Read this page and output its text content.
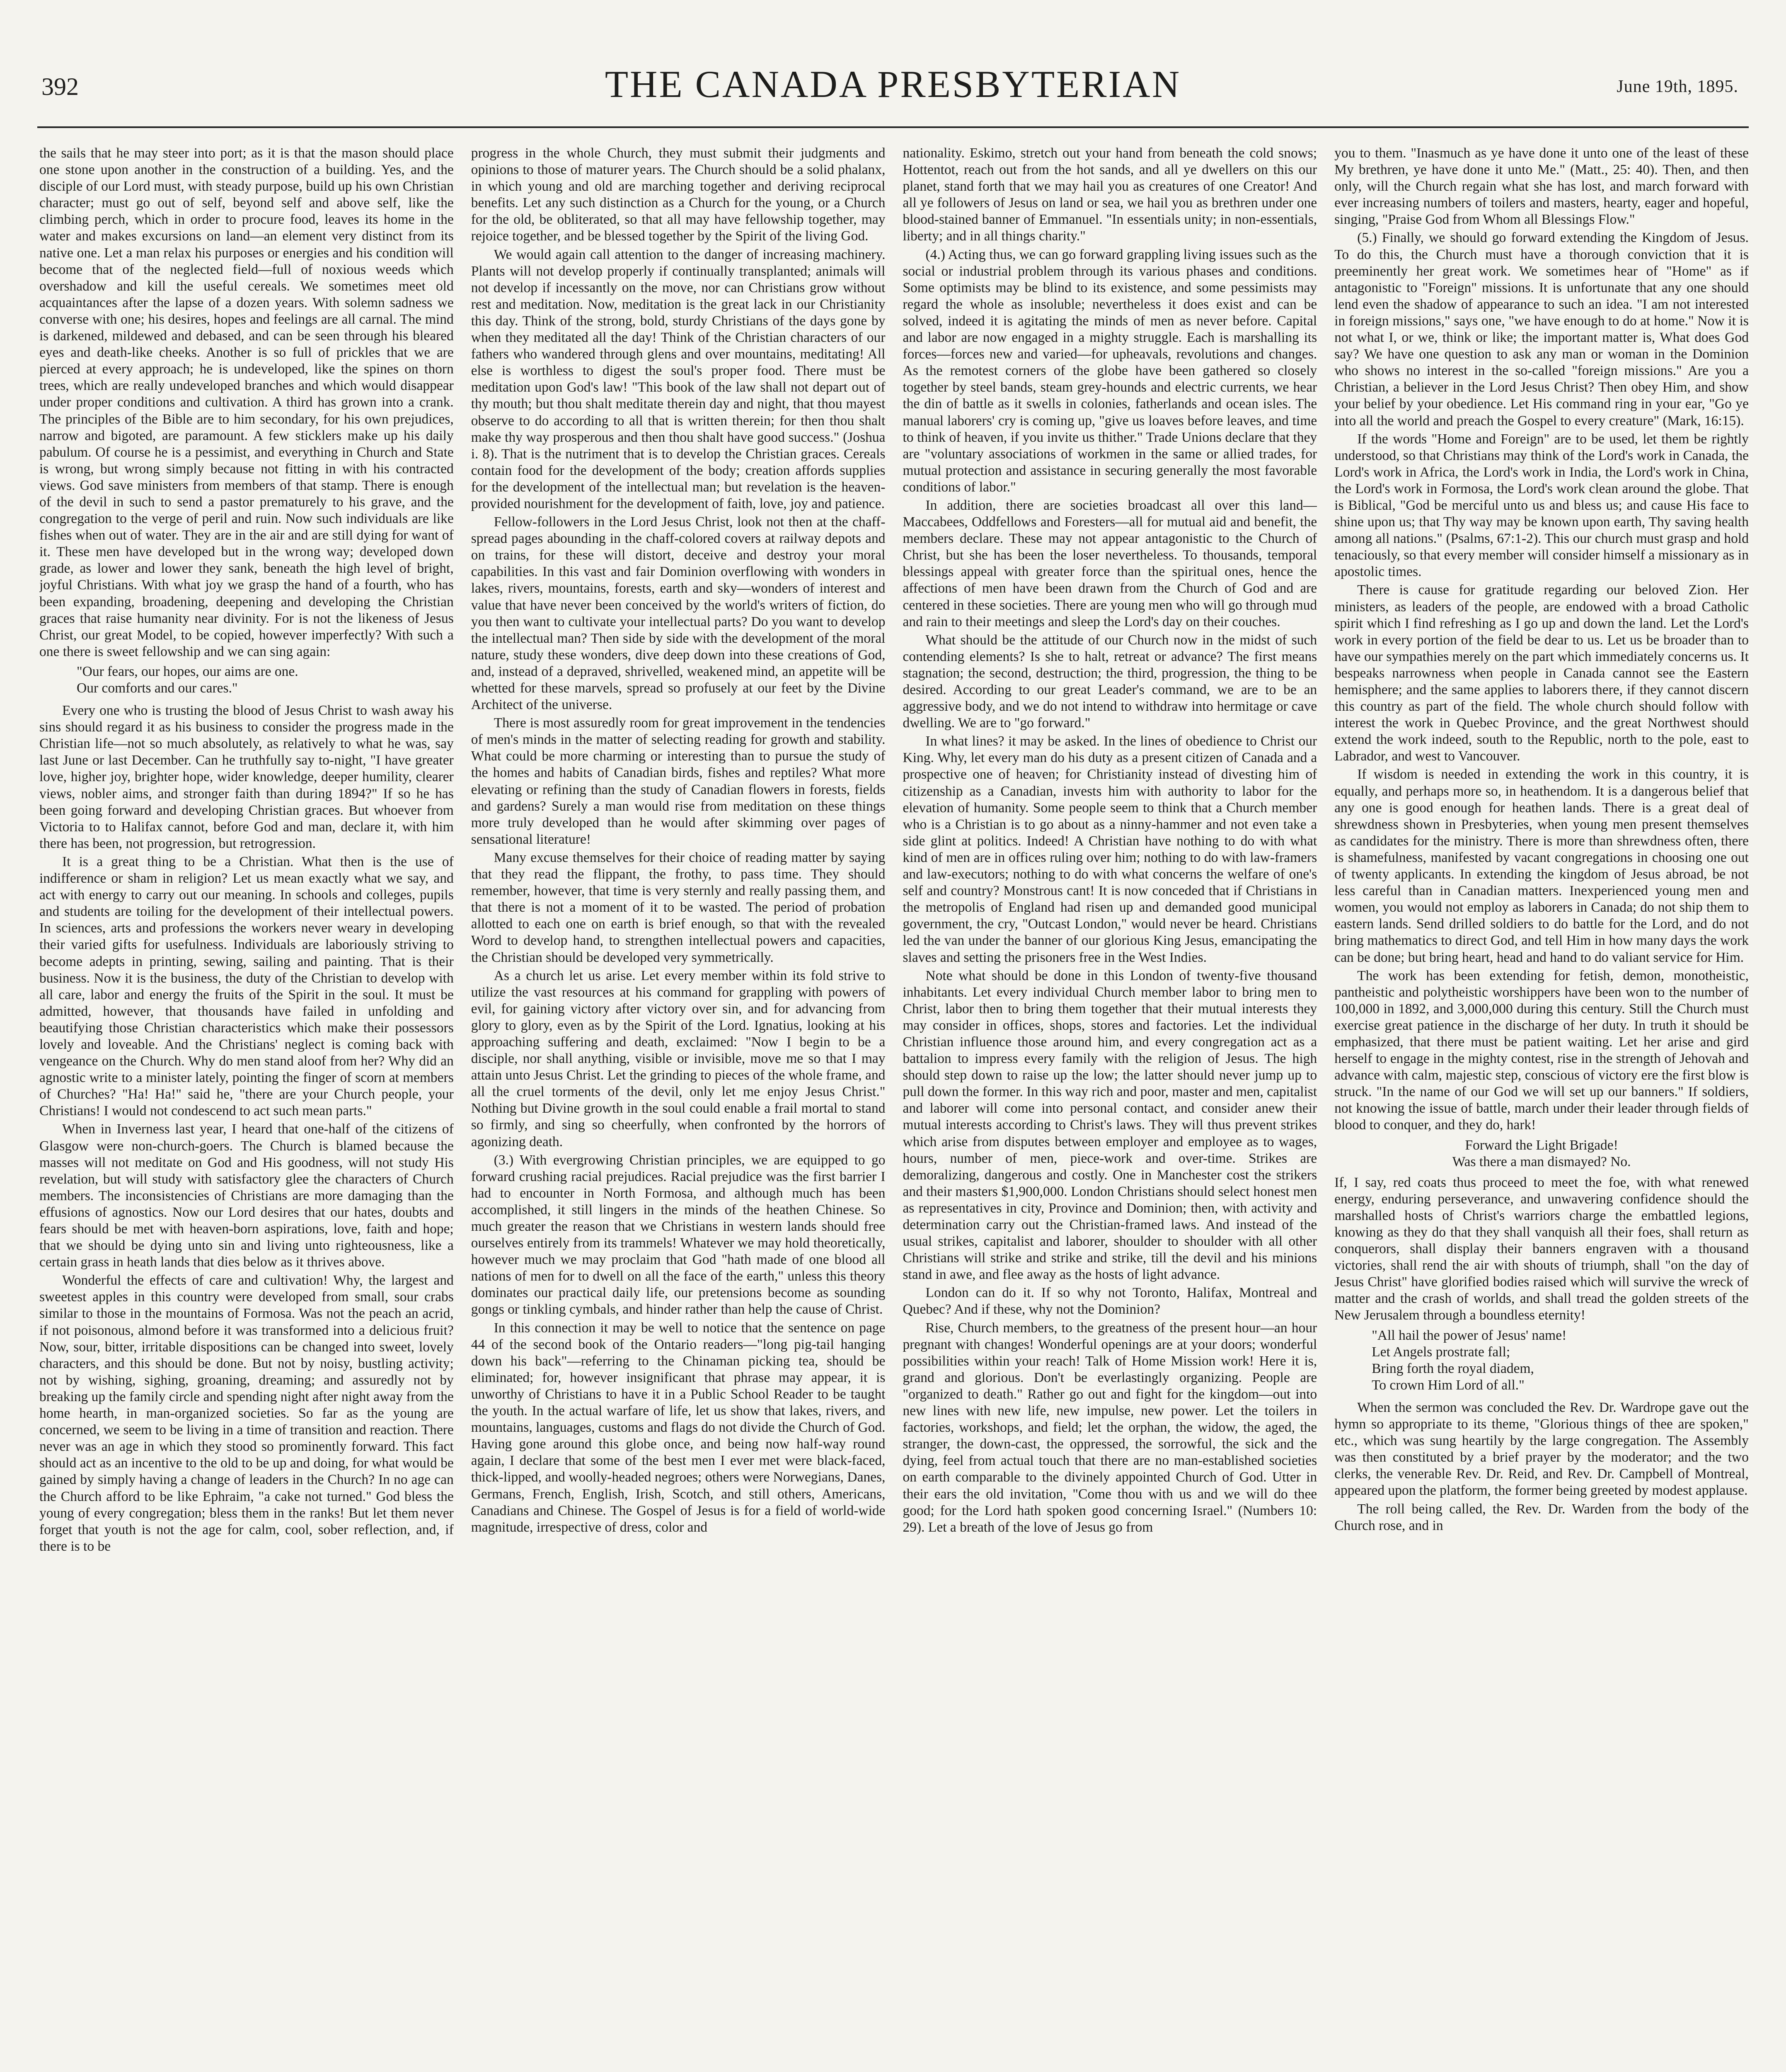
392	THE CANADA PRESBYTERIAN	June 19th, 1895.

the sails that he may steer into port; as it is that the mason should place one stone upon another in the construction of a building. Yes, and the disciple of our Lord must, with steady purpose, build up his own Christian character; must go out of self, beyond self and above self, like the climbing perch, which in order to procure food, leaves its home in the water and makes excursions on land—an element very distinct from its native one. Let a man relax his purposes or energies and his condition will become that of the neglected field—full of noxious weeds which overshadow and kill the useful cereals. We sometimes meet old acquaintances after the lapse of a dozen years. With solemn sadness we converse with one; his desires, hopes and feelings are all carnal. The mind is darkened, mildewed and debased, and can be seen through his bleared eyes and death-like cheeks. Another is so full of prickles that we are pierced at every approach; he is undeveloped, like the spines on thorn trees, which are really undeveloped branches and which would disappear under proper conditions and cultivation. A third has grown into a crank. The principles of the Bible are to him secondary, for his own prejudices, narrow and bigoted, are paramount. A few sticklers make up his daily pabulum. Of course he is a pessimist, and everything in Church and State is wrong, but wrong simply because not fitting in with his contracted views. God save ministers from members of that stamp. There is enough of the devil in such to send a pastor prematurely to his grave, and the congregation to the verge of peril and ruin. Now such individuals are like fishes when out of water. They are in the air and are still dying for want of it. These men have developed but in the wrong way; developed down grade, as lower and lower they sank, beneath the high level of bright, joyful Christians. With what joy we grasp the hand of a fourth, who has been expanding, broadening, deepening and developing the Christian graces that raise humanity near divinity. For is not the likeness of Jesus Christ, our great Model, to be copied, however imperfectly? With such a one there is sweet fellowship and we can sing again:

"Our fears, our hopes, our aims are one.
Our comforts and our cares."

Every one who is trusting the blood of Jesus Christ to wash away his sins should regard it as his business to consider the progress made in the Christian life—not so much absolutely, as relatively to what he was, say last June or last December. Can he truthfully say to-night, "I have greater love, higher joy, brighter hope, wider knowledge, deeper humility, clearer views, nobler aims, and stronger faith than during 1894?" If so he has been going forward and developing Christian graces. But whoever from Victoria to to Halifax cannot, before God and man, declare it, with him there has been, not progression, but retrogression.

It is a great thing to be a Christian. What then is the use of indifference or sham in religion? Let us mean exactly what we say, and act with energy to carry out our meaning. In schools and colleges, pupils and students are toiling for the development of their intellectual powers. In sciences, arts and professions the workers never weary in developing their varied gifts for usefulness. Individuals are laboriously striving to become adepts in printing, sewing, sailing and painting. That is their business. Now it is the business, the duty of the Christian to develop with all care, labor and energy the fruits of the Spirit in the soul. It must be admitted, however, that thousands have failed in unfolding and beautifying those Christian characteristics which make their possessors lovely and loveable. And the Christians' neglect is coming back with vengeance on the Church. Why do men stand aloof from her? Why did an agnostic write to a minister lately, pointing the finger of scorn at members of Churches? "Ha! Ha!" said he, "there are your Church people, your Christians! I would not condescend to act such mean parts."

When in Inverness last year, I heard that one-half of the citizens of Glasgow were non-church-goers. The Church is blamed because the masses will not meditate on God and His goodness, will not study His revelation, but will study with satisfactory glee the characters of Church members. The inconsistencies of Christians are more damaging than the effusions of agnostics. Now our Lord desires that our hates, doubts and fears should be met with heaven-born aspirations, love, faith and hope; that we should be dying unto sin and living unto righteousness, like a certain grass in heath lands that dies below as it thrives above.

Wonderful the effects of care and cultivation! Why, the largest and sweetest apples in this country were developed from small, sour crabs similar to those in the mountains of Formosa. Was not the peach an acrid, if not poisonous, almond before it was transformed into a delicious fruit? Now, sour, bitter, irritable dispositions can be changed into sweet, lovely characters, and this should be done. But not by noisy, bustling activity; not by wishing, sighing, groaning, dreaming; and assuredly not by breaking up the family circle and spending night after night away from the home hearth, in man-organized societies. So far as the young are concerned, we seem to be living in a time of transition and reaction. There never was an age in which they stood so prominently forward. This fact should act as an incentive to the old to be up and doing, for what would be gained by simply having a change of leaders in the Church? In no age can the Church afford to be like Ephraim, "a cake not turned." God bless the young of every congregation; bless them in the ranks! But let them never forget that youth is not the age for calm, cool, sober reflection, and, if there is to be

progress in the whole Church, they must submit their judgments and opinions to those of maturer years. The Church should be a solid phalanx, in which young and old are marching together and deriving reciprocal benefits. Let any such distinction as a Church for the young, or a Church for the old, be obliterated, so that all may have fellowship together, may rejoice together, and be blessed together by the Spirit of the living God.

We would again call attention to the danger of increasing machinery. Plants will not develop properly if continually transplanted; animals will not develop if incessantly on the move, nor can Christians grow without rest and meditation. Now, meditation is the great lack in our Christianity this day. Think of the strong, bold, sturdy Christians of the days gone by when they meditated all the day! Think of the Christian characters of our fathers who wandered through glens and over mountains, meditating! All else is worthless to digest the soul's proper food. There must be meditation upon God's law! "This book of the law shall not depart out of thy mouth; but thou shalt meditate therein day and night, that thou mayest observe to do according to all that is written therein; for then thou shalt make thy way prosperous and then thou shalt have good success." (Joshua i. 8). That is the nutriment that is to develop the Christian graces. Cereals contain food for the development of the body; creation affords supplies for the development of the intellectual man; but revelation is the heaven-provided nourishment for the development of faith, love, joy and patience.

Fellow-followers in the Lord Jesus Christ, look not then at the chaff-spread pages abounding in the chaff-colored covers at railway depots and on trains, for these will distort, deceive and destroy your moral capabilities. In this vast and fair Dominion overflowing with wonders in lakes, rivers, mountains, forests, earth and sky—wonders of interest and value that have never been conceived by the world's writers of fiction, do you then want to cultivate your intellectual parts? Do you want to develop the intellectual man? Then side by side with the development of the moral nature, study these wonders, dive deep down into these creations of God, and, instead of a depraved, shrivelled, weakened mind, an appetite will be whetted for these marvels, spread so profusely at our feet by the Divine Architect of the universe.

There is most assuredly room for great improvement in the tendencies of men's minds in the matter of selecting reading for growth and stability. What could be more charming or interesting than to pursue the study of the homes and habits of Canadian birds, fishes and reptiles? What more elevating or refining than the study of Canadian flowers in forests, fields and gardens? Surely a man would rise from meditation on these things more truly developed than he would after skimming over pages of sensational literature!

Many excuse themselves for their choice of reading matter by saying that they read the flippant, the frothy, to pass time. They should remember, however, that time is very sternly and really passing them, and that there is not a moment of it to be wasted. The period of probation allotted to each one on earth is brief enough, so that with the revealed Word to develop hand, to strengthen intellectual powers and capacities, the Christian should be developed very symmetrically.

As a church let us arise. Let every member within its fold strive to utilize the vast resources at his command for grappling with powers of evil, for gaining victory after victory over sin, and for advancing from glory to glory, even as by the Spirit of the Lord. Ignatius, looking at his approaching suffering and death, exclaimed: "Now I begin to be a disciple, nor shall anything, visible or invisible, move me so that I may attain unto Jesus Christ. Let the grinding to pieces of the whole frame, and all the cruel torments of the devil, only let me enjoy Jesus Christ." Nothing but Divine growth in the soul could enable a frail mortal to stand so firmly, and sing so cheerfully, when confronted by the horrors of agonizing death.

(3.) With evergrowing Christian principles, we are equipped to go forward crushing racial prejudices. Racial prejudice was the first barrier I had to encounter in North Formosa, and although much has been accomplished, it still lingers in the minds of the heathen Chinese. So much greater the reason that we Christians in western lands should free ourselves entirely from its trammels! Whatever we may hold theoretically, however much we may proclaim that God "hath made of one blood all nations of men for to dwell on all the face of the earth," unless this theory dominates our practical daily life, our pretensions become as sounding gongs or tinkling cymbals, and hinder rather than help the cause of Christ.

In this connection it may be well to notice that the sentence on page 44 of the second book of the Ontario readers—"long pig-tail hanging down his back"—referring to the Chinaman picking tea, should be eliminated; for, however insignificant that phrase may appear, it is unworthy of Christians to have it in a Public School Reader to be taught the youth. In the actual warfare of life, let us show that lakes, rivers, and mountains, languages, customs and flags do not divide the Church of God. Having gone around this globe once, and being now half-way round again, I declare that some of the best men I ever met were black-faced, thick-lipped, and woolly-headed negroes; others were Norwegians, Danes, Germans, French, English, Irish, Scotch, and still others, Americans, Canadians and Chinese. The Gospel of Jesus is for a field of world-wide magnitude, irrespective of dress, color and

nationality. Eskimo, stretch out your hand from beneath the cold snows; Hottentot, reach out from the hot sands, and all ye dwellers on this our planet, stand forth that we may hail you as creatures of one Creator! And all ye followers of Jesus on land or sea, we hail you as brethren under one blood-stained banner of Emmanuel. "In essentials unity; in non-essentials, liberty; and in all things charity."

(4.) Acting thus, we can go forward grappling living issues such as the social or industrial problem through its various phases and conditions. Some optimists may be blind to its existence, and some pessimists may regard the whole as insoluble; nevertheless it does exist and can be solved, indeed it is agitating the minds of men as never before. Capital and labor are now engaged in a mighty struggle. Each is marshalling its forces—forces new and varied—for upheavals, revolutions and changes. As the remotest corners of the globe have been gathered so closely together by steel bands, steam grey-hounds and electric currents, we hear the din of battle as it swells in colonies, fatherlands and ocean isles. The manual laborers' cry is coming up, "give us loaves before leaves, and time to think of heaven, if you invite us thither." Trade Unions declare that they are "voluntary associations of workmen in the same or allied trades, for mutual protection and assistance in securing generally the most favorable conditions of labor."

In addition, there are societies broadcast all over this land—Maccabees, Oddfellows and Foresters—all for mutual aid and benefit, the members declare. These may not appear antagonistic to the Church of Christ, but she has been the loser nevertheless. To thousands, temporal blessings appeal with greater force than the spiritual ones, hence the affections of men have been drawn from the Church of God and are centered in these societies. There are young men who will go through mud and rain to their meetings and sleep the Lord's day on their couches.

What should be the attitude of our Church now in the midst of such contending elements? Is she to halt, retreat or advance? The first means stagnation; the second, destruction; the third, progression, the thing to be desired. According to our great Leader's command, we are to be an aggressive body, and we do not intend to withdraw into hermitage or cave dwelling. We are to "go forward."

In what lines? it may be asked. In the lines of obedience to Christ our King. Why, let every man do his duty as a present citizen of Canada and a prospective one of heaven; for Christianity instead of divesting him of citizenship as a Canadian, invests him with authority to labor for the elevation of humanity. Some people seem to think that a Church member who is a Christian is to go about as a ninny-hammer and not even take a side glint at politics. Indeed! A Christian have nothing to do with what kind of men are in offices ruling over him; nothing to do with law-framers and law-executors; nothing to do with what concerns the welfare of one's self and country? Monstrous cant! It is now conceded that if Christians in the metropolis of England had risen up and demanded good municipal government, the cry, "Outcast London," would never be heard. Christians led the van under the banner of our glorious King Jesus, emancipating the slaves and setting the prisoners free in the West Indies.

Note what should be done in this London of twenty-five thousand inhabitants. Let every individual Church member labor to bring men to Christ, labor then to bring them together that their mutual interests they may consider in offices, shops, stores and factories. Let the individual Christian influence those around him, and every congregation act as a battalion to impress every family with the religion of Jesus. The high should step down to raise up the low; the latter should never jump up to pull down the former. In this way rich and poor, master and men, capitalist and laborer will come into personal contact, and consider anew their mutual interests according to Christ's laws. They will thus prevent strikes which arise from disputes between employer and employee as to wages, hours, number of men, piece-work and over-time. Strikes are demoralizing, dangerous and costly. One in Manchester cost the strikers and their masters $1,900,000. London Christians should select honest men as representatives in city, Province and Dominion; then, with activity and determination carry out the Christian-framed laws. And instead of the usual strikes, capitalist and laborer, shoulder to shoulder with all other Christians will strike and strike and strike, till the devil and his minions stand in awe, and flee away as the hosts of light advance.

London can do it. If so why not Toronto, Halifax, Montreal and Quebec? And if these, why not the Dominion?

Rise, Church members, to the greatness of the present hour—an hour pregnant with changes! Wonderful openings are at your doors; wonderful possibilities within your reach! Talk of Home Mission work! Here it is, grand and glorious. Don't be everlastingly organizing. People are "organized to death." Rather go out and fight for the kingdom—out into new lines with new life, new impulse, new power. Let the toilers in factories, workshops, and field; let the orphan, the widow, the aged, the stranger, the down-cast, the oppressed, the sorrowful, the sick and the dying, feel from actual touch that there are no man-established societies on earth comparable to the divinely appointed Church of God. Utter in their ears the old invitation, "Come thou with us and we will do thee good; for the Lord hath spoken good concerning Israel." (Numbers 10: 29). Let a breath of the love of Jesus go from

you to them. "Inasmuch as ye have done it unto one of the least of these My brethren, ye have done it unto Me." (Matt., 25: 40). Then, and then only, will the Church regain what she has lost, and march forward with ever increasing numbers of toilers and masters, hearty, eager and hopeful, singing, "Praise God from Whom all Blessings Flow."

(5.) Finally, we should go forward extending the Kingdom of Jesus. To do this, the Church must have a thorough conviction that it is preeminently her great work. We sometimes hear of "Home" as if antagonistic to "Foreign" missions. It is unfortunate that any one should lend even the shadow of appearance to such an idea. "I am not interested in foreign missions," says one, "we have enough to do at home." Now it is not what I, or we, think or like; the important matter is, What does God say? We have one question to ask any man or woman in the Dominion who shows no interest in the so-called "foreign missions." Are you a Christian, a believer in the Lord Jesus Christ? Then obey Him, and show your belief by your obedience. Let His command ring in your ear, "Go ye into all the world and preach the Gospel to every creature" (Mark, 16:15).

If the words "Home and Foreign" are to be used, let them be rightly understood, so that Christians may think of the Lord's work in Canada, the Lord's work in Africa, the Lord's work in India, the Lord's work in China, the Lord's work in Formosa, the Lord's work clean around the globe. That is Biblical, "God be merciful unto us and bless us; and cause His face to shine upon us; that Thy way may be known upon earth, Thy saving health among all nations." (Psalms, 67:1-2). This our church must grasp and hold tenaciously, so that every member will consider himself a missionary as in apostolic times.

There is cause for gratitude regarding our beloved Zion. Her ministers, as leaders of the people, are endowed with a broad Catholic spirit which I find refreshing as I go up and down the land. Let the Lord's work in every portion of the field be dear to us. Let us be broader than to have our sympathies merely on the part which immediately concerns us. It bespeaks narrowness when people in Canada cannot see the Eastern hemisphere; and the same applies to laborers there, if they cannot discern this country as part of the field. The whole church should follow with interest the work in Quebec Province, and the great Northwest should extend the work indeed, south to the Republic, north to the pole, east to Labrador, and west to Vancouver.

If wisdom is needed in extending the work in this country, it is equally, and perhaps more so, in heathendom. It is a dangerous belief that any one is good enough for heathen lands. There is a great deal of shrewdness shown in Presbyteries, when young men present themselves as candidates for the ministry. There is more than shrewdness often, there is shamefulness, manifested by vacant congregations in choosing one out of twenty applicants. In extending the kingdom of Jesus abroad, be not less careful than in Canadian matters. Inexperienced young men and women, you would not employ as laborers in Canada; do not ship them to eastern lands. Send drilled soldiers to do battle for the Lord, and do not bring mathematics to direct God, and tell Him in how many days the work can be done; but bring heart, head and hand to do valiant service for Him.

The work has been extending for fetish, demon, monotheistic, pantheistic and polytheistic worshippers have been won to the number of 100,000 in 1892, and 3,000,000 during this century. Still the Church must exercise great patience in the discharge of her duty. In truth it should be emphasized, that there must be patient waiting. Let her arise and gird herself to engage in the mighty contest, rise in the strength of Jehovah and advance with calm, majestic step, conscious of victory ere the first blow is struck. "In the name of our God we will set up our banners." If soldiers, not knowing the issue of battle, march under their leader through fields of blood to conquer, and they do, hark!

Forward the Light Brigade!
Was there a man dismayed? No.

If, I say, red coats thus proceed to meet the foe, with what renewed energy, enduring perseverance, and unwavering confidence should the marshalled hosts of Christ's warriors charge the embattled legions, knowing as they do that they shall vanquish all their foes, shall return as conquerors, shall display their banners engraven with a thousand victories, shall rend the air with shouts of triumph, shall "on the day of Jesus Christ" have glorified bodies raised which will survive the wreck of matter and the crash of worlds, and shall tread the golden streets of the New Jerusalem through a boundless eternity!

"All hail the power of Jesus' name!
Let Angels prostrate fall;
Bring forth the royal diadem,
To crown Him Lord of all."

When the sermon was concluded the Rev. Dr. Wardrope gave out the hymn so appropriate to its theme, "Glorious things of thee are spoken," etc., which was sung heartily by the large congregation. The Assembly was then constituted by a brief prayer by the moderator; and the two clerks, the venerable Rev. Dr. Reid, and Rev. Dr. Campbell of Montreal, appeared upon the platform, the former being greeted by modest applause.

The roll being called, the Rev. Dr. Warden from the body of the Church rose, and in
